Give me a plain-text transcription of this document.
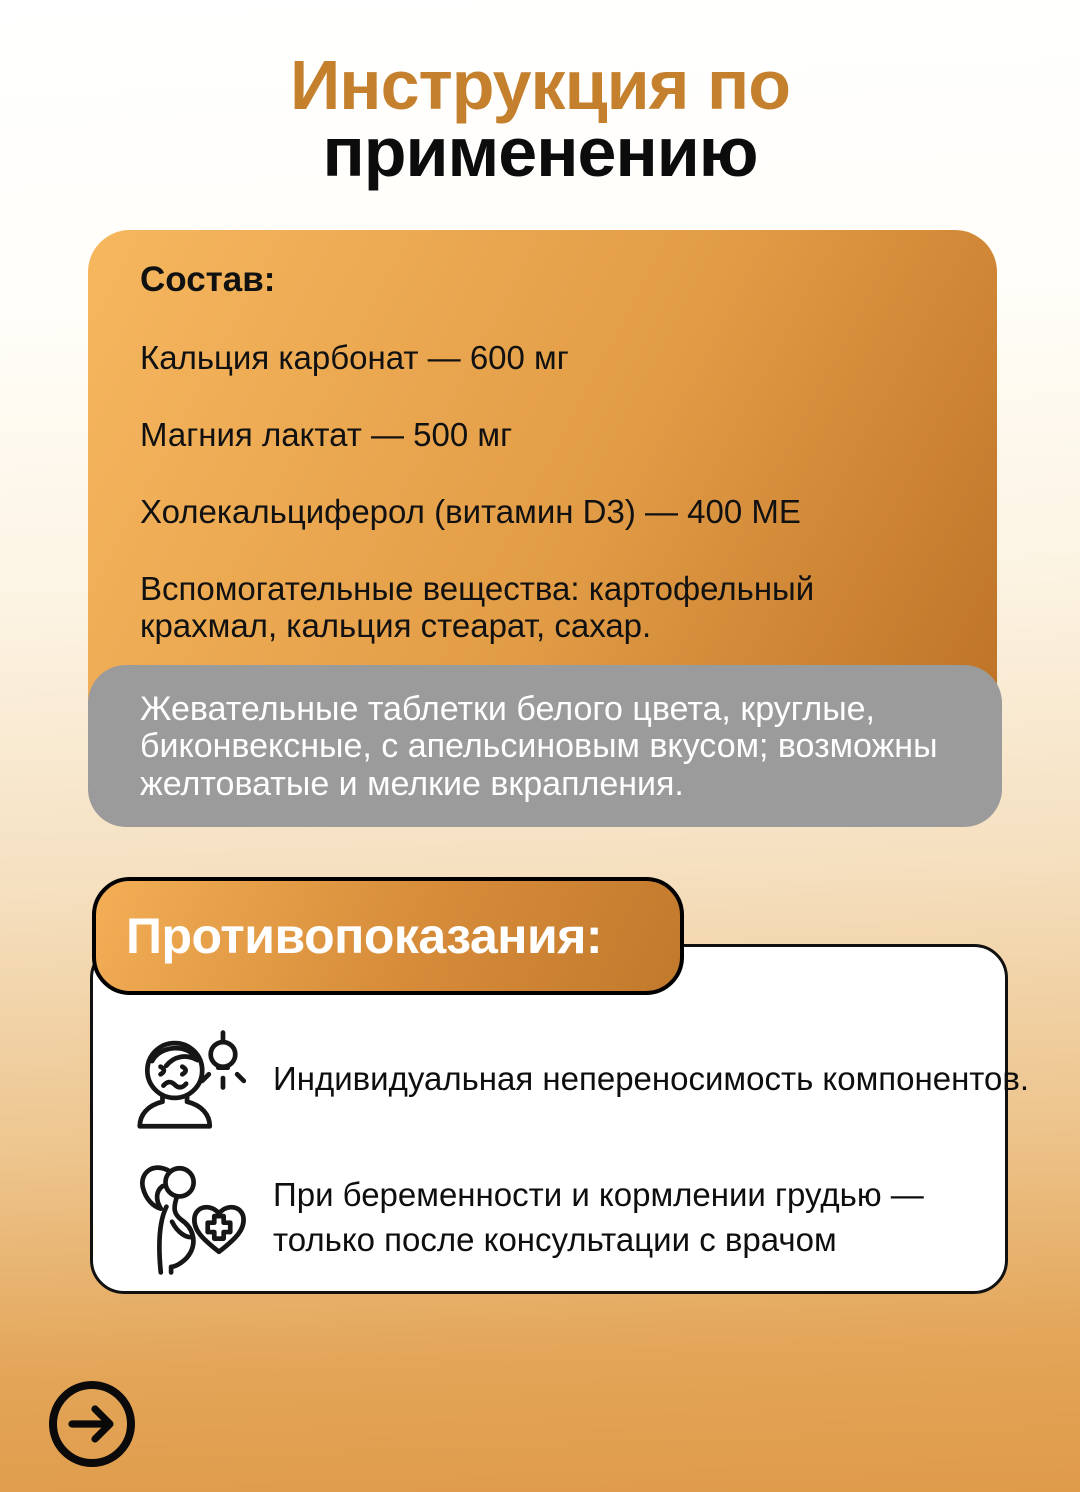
Инструкция по
применению
Состав:

Кальция карбонат — 600 мг

Магния лактат — 500 мг

Холекальциферол (витамин D3) — 400 МЕ

Вспомогательные вещества: картофельный крахмал, кальция стеарат, сахар.

Жевательные таблетки белого цвета, круглые, биконвексные, с апельсиновым вкусом; возможны желтоватые и мелкие вкрапления.

Противопоказания:
Индивидуальная непереносимость компонентов.
При беременности и кормлении грудью — только после консультации с врачом
